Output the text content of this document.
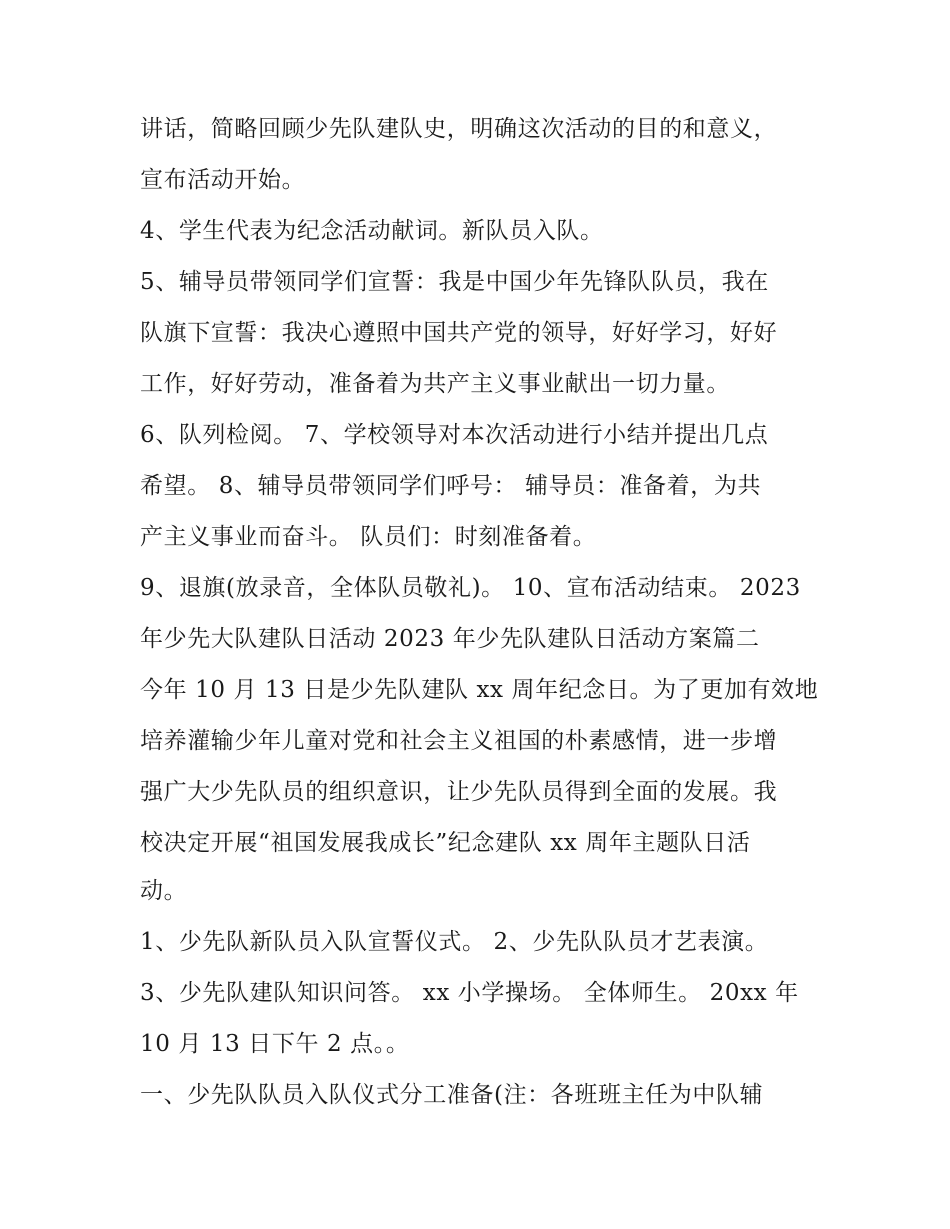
讲话，简略回顾少先队建队史，明确这次活动的目的和意义，
宣布活动开始。
4、学生代表为纪念活动献词。新队员入队。
5、辅导员带领同学们宣誓：我是中国少年先锋队队员，我在
队旗下宣誓：我决心遵照中国共产党的领导，好好学习，好好
工作，好好劳动，准备着为共产主义事业献出一切力量。
6、队列检阅。 7、学校领导对本次活动进行小结并提出几点
希望。 8、辅导员带领同学们呼号： 辅导员：准备着，为共
产主义事业而奋斗。 队员们：时刻准备着。
9、退旗(放录音，全体队员敬礼)。 10、宣布活动结束。 2023
年少先大队建队日活动 2023 年少先队建队日活动方案篇二
今年 10 月 13 日是少先队建队 xx 周年纪念日。为了更加有效地
培养灌输少年儿童对党和社会主义祖国的朴素感情，进一步增
强广大少先队员的组织意识，让少先队员得到全面的发展。我
校决定开展“祖国发展我成长”纪念建队 xx 周年主题队日活
动。
1、少先队新队员入队宣誓仪式。 2、少先队队员才艺表演。
3、少先队建队知识问答。 xx 小学操场。 全体师生。 20xx 年
10 月 13 日下午 2 点。。
一、少先队队员入队仪式分工准备(注：各班班主任为中队辅
